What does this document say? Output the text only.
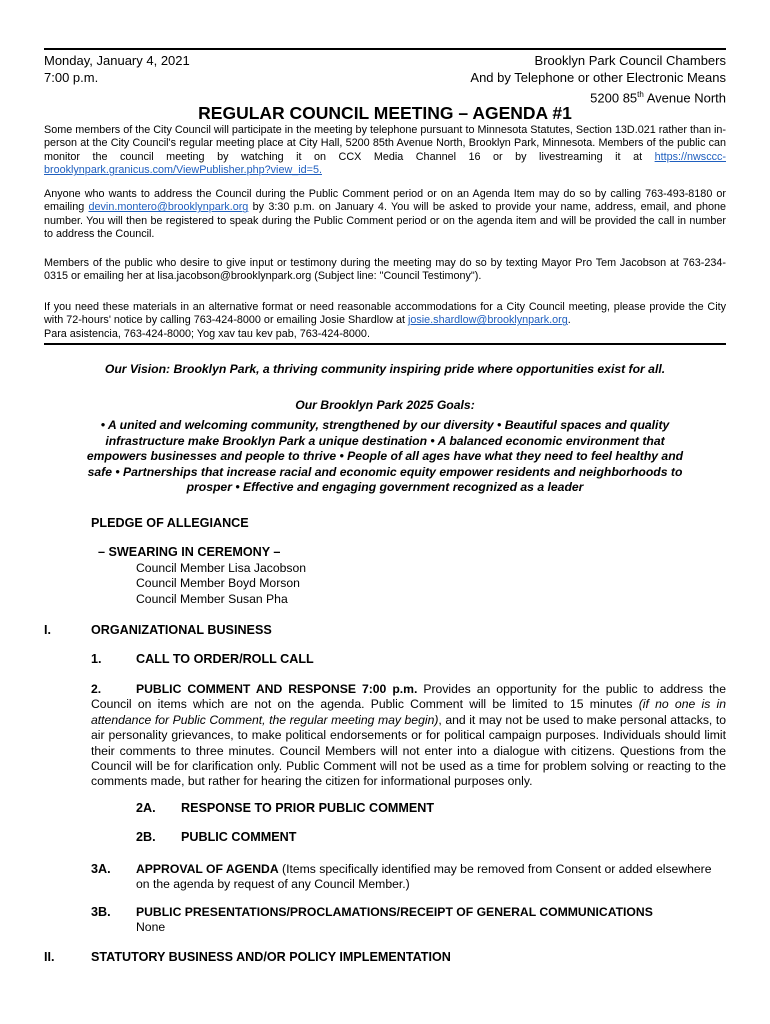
Monday, January 4, 2021
7:00 p.m.
Brooklyn Park Council Chambers
And by Telephone or other Electronic Means
5200 85th Avenue North
REGULAR COUNCIL MEETING – AGENDA #1
Some members of the City Council will participate in the meeting by telephone pursuant to Minnesota Statutes, Section 13D.021 rather than in-person at the City Council's regular meeting place at City Hall, 5200 85th Avenue North, Brooklyn Park, Minnesota. Members of the public can monitor the council meeting by watching it on CCX Media Channel 16 or by livestreaming it at https://nwsccc-brooklynpark.granicus.com/ViewPublisher.php?view_id=5.
Anyone who wants to address the Council during the Public Comment period or on an Agenda Item may do so by calling 763-493-8180 or emailing devin.montero@brooklynpark.org by 3:30 p.m. on January 4. You will be asked to provide your name, address, email, and phone number. You will then be registered to speak during the Public Comment period or on the agenda item and will be provided the call in number to address the Council.
Members of the public who desire to give input or testimony during the meeting may do so by texting Mayor Pro Tem Jacobson at 763-234-0315 or emailing her at lisa.jacobson@brooklynpark.org (Subject line: "Council Testimony").
If you need these materials in an alternative format or need reasonable accommodations for a City Council meeting, please provide the City with 72-hours' notice by calling 763-424-8000 or emailing Josie Shardlow at josie.shardlow@brooklynpark.org.
Para asistencia, 763-424-8000; Yog xav tau kev pab, 763-424-8000.
Our Vision: Brooklyn Park, a thriving community inspiring pride where opportunities exist for all.
Our Brooklyn Park 2025 Goals:
• A united and welcoming community, strengthened by our diversity • Beautiful spaces and quality infrastructure make Brooklyn Park a unique destination • A balanced economic environment that empowers businesses and people to thrive • People of all ages have what they need to feel healthy and safe • Partnerships that increase racial and economic equity empower residents and neighborhoods to prosper • Effective and engaging government recognized as a leader
PLEDGE OF ALLEGIANCE
– SWEARING IN CEREMONY –
Council Member Lisa Jacobson
Council Member Boyd Morson
Council Member Susan Pha
I.	ORGANIZATIONAL BUSINESS
1.	CALL TO ORDER/ROLL CALL
2.	PUBLIC COMMENT AND RESPONSE 7:00 p.m. Provides an opportunity for the public to address the Council on items which are not on the agenda. Public Comment will be limited to 15 minutes (if no one is in attendance for Public Comment, the regular meeting may begin), and it may not be used to make personal attacks, to air personality grievances, to make political endorsements or for political campaign purposes. Individuals should limit their comments to three minutes. Council Members will not enter into a dialogue with citizens. Questions from the Council will be for clarification only. Public Comment will not be used as a time for problem solving or reacting to the comments made, but rather for hearing the citizen for informational purposes only.
2A. RESPONSE TO PRIOR PUBLIC COMMENT
2B. PUBLIC COMMENT
3A. APPROVAL OF AGENDA (Items specifically identified may be removed from Consent or added elsewhere on the agenda by request of any Council Member.)
3B. PUBLIC PRESENTATIONS/PROCLAMATIONS/RECEIPT OF GENERAL COMMUNICATIONS
None
II.	STATUTORY BUSINESS AND/OR POLICY IMPLEMENTATION
